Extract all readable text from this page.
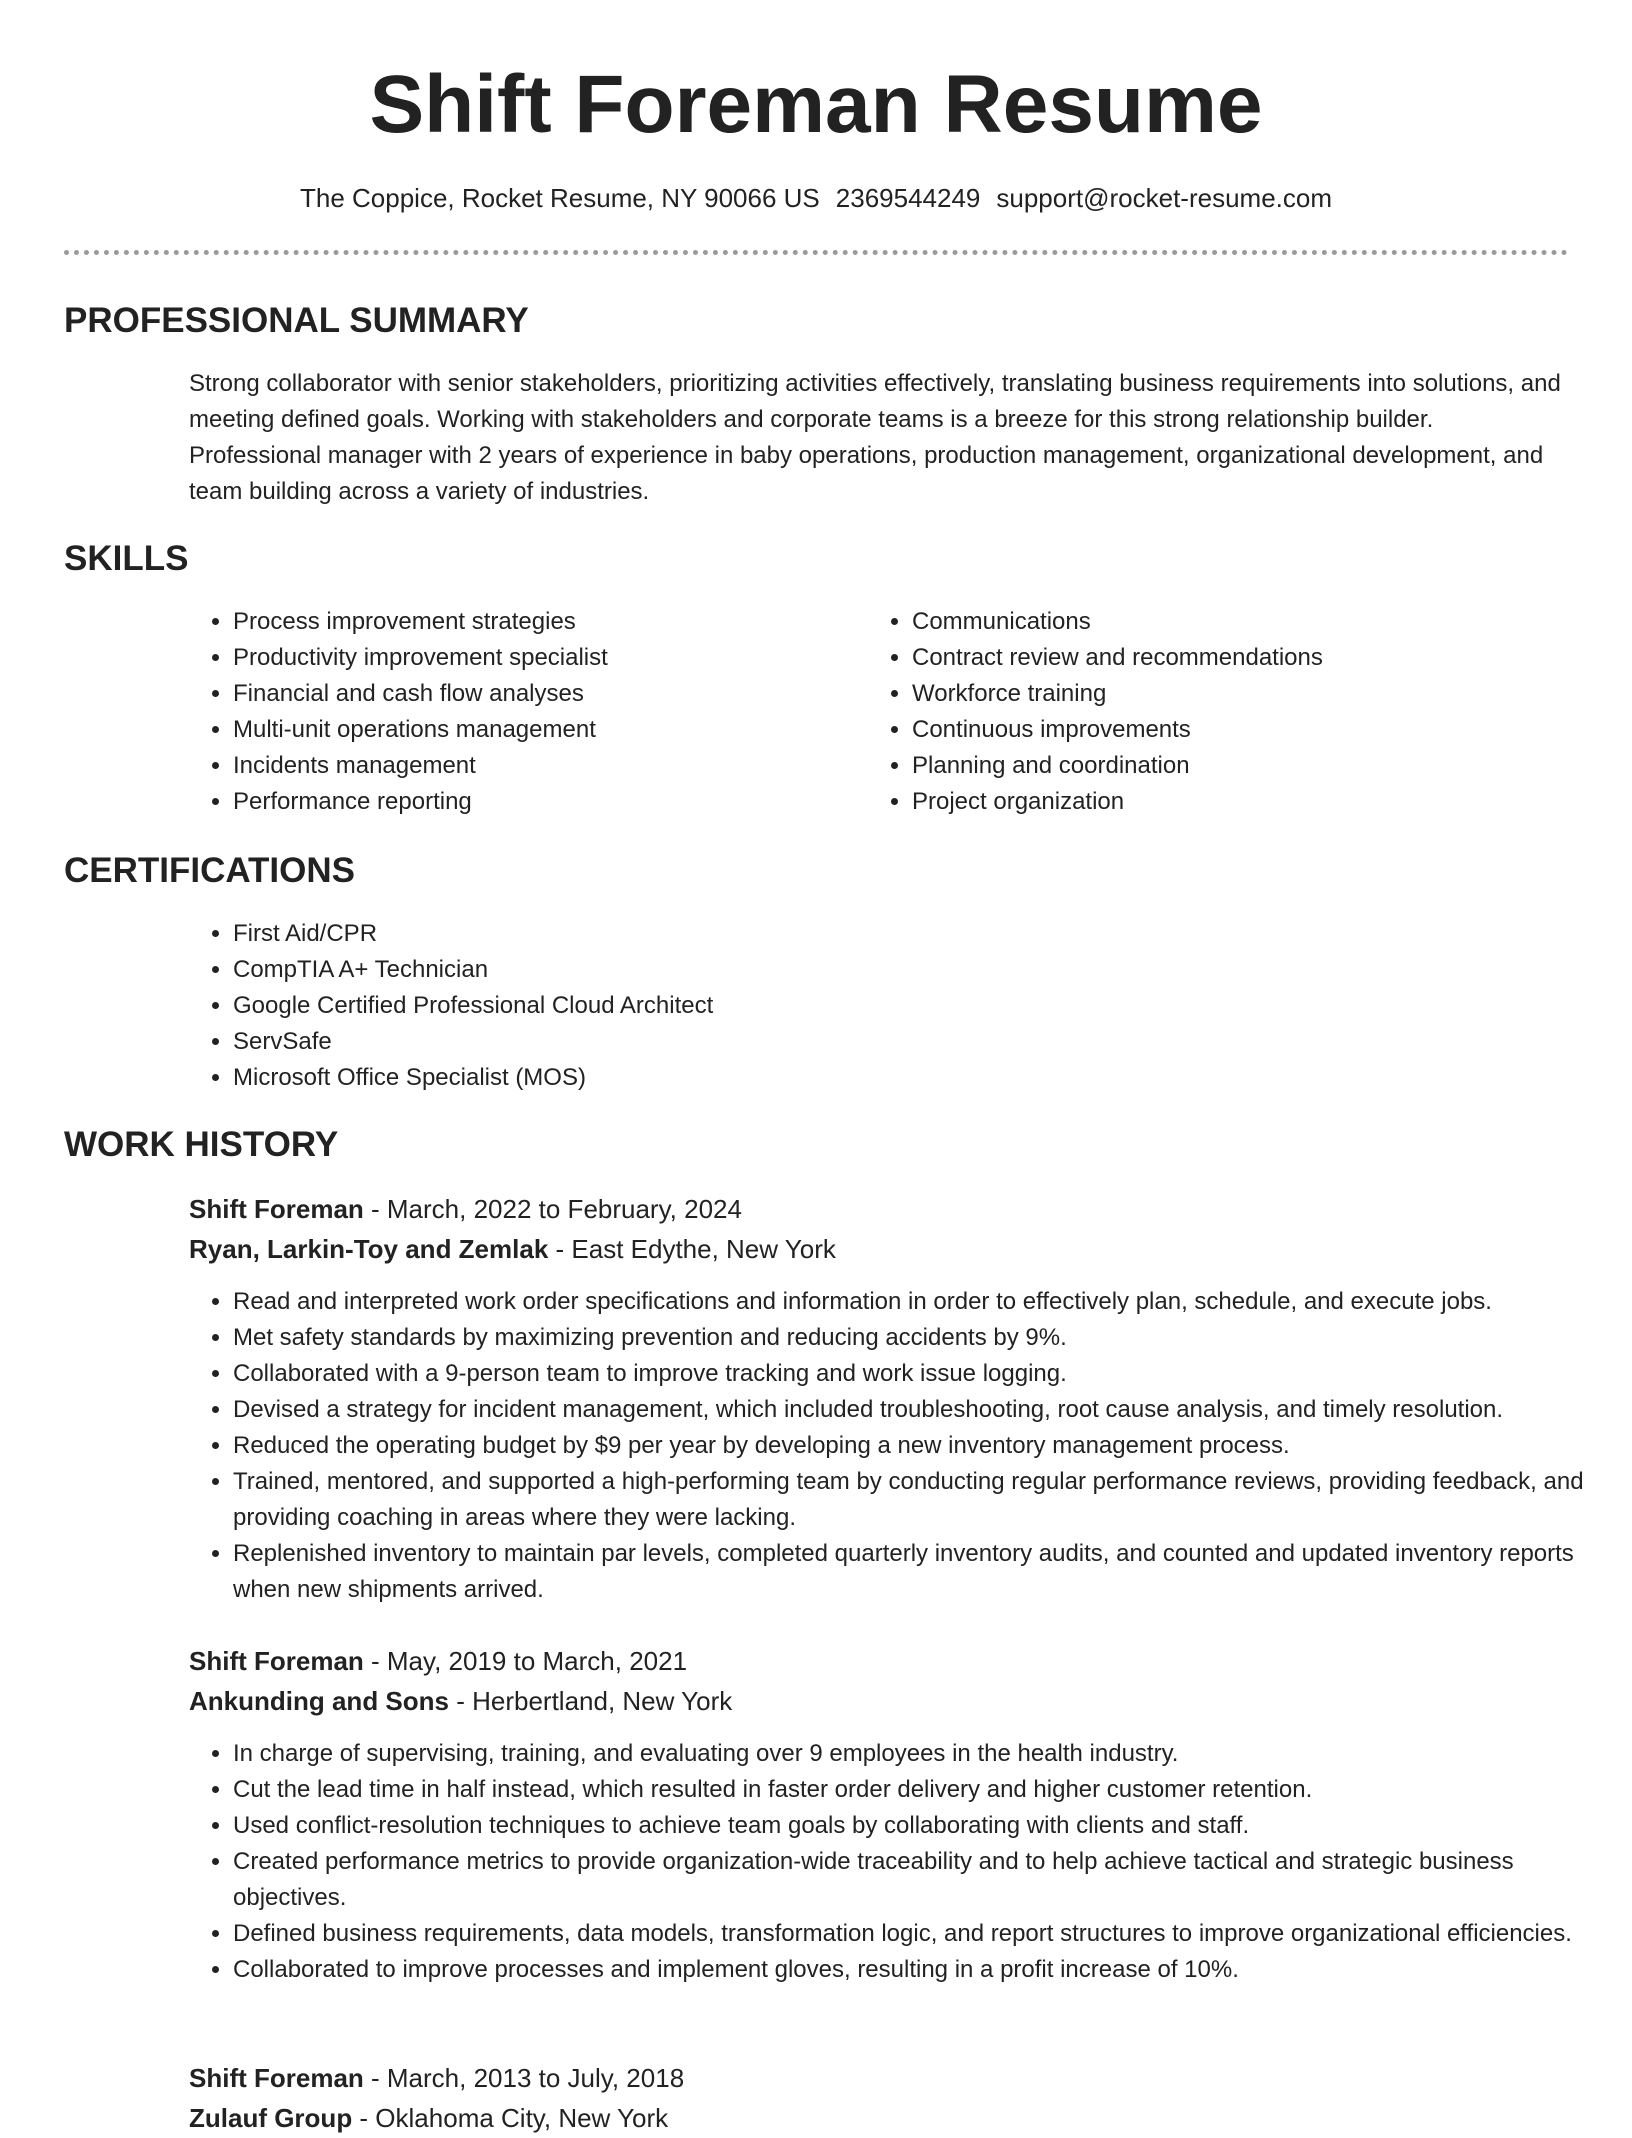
Shift Foreman Resume
The Coppice, Rocket Resume, NY 90066 US 2369544249 support@rocket-resume.com
PROFESSIONAL SUMMARY

Strong collaborator with senior stakeholders, prioritizing activities effectively, translating business requirements into solutions, and meeting defined goals. Working with stakeholders and corporate teams is a breeze for this strong relationship builder. Professional manager with 2 years of experience in baby operations, production management, organizational development, and team building across a variety of industries.

SKILLS
• Process improvement strategies
• Productivity improvement specialist
• Financial and cash flow analyses
• Multi-unit operations management
• Incidents management
• Performance reporting
• Communications
• Contract review and recommendations
• Workforce training
• Continuous improvements
• Planning and coordination
• Project organization
CERTIFICATIONS
• First Aid/CPR
• CompTIA A+ Technician
• Google Certified Professional Cloud Architect
• ServSafe
• Microsoft Office Specialist (MOS)
WORK HISTORY

Shift Foreman - March, 2022 to February, 2024

Ryan, Larkin-Toy and Zemlak - East Edythe, New York

• Read and interpreted work order specifications and information in order to effectively plan, schedule, and execute jobs.
• Met safety standards by maximizing prevention and reducing accidents by 9%.
• Collaborated with a 9-person team to improve tracking and work issue logging.
• Devised a strategy for incident management, which included troubleshooting, root cause analysis, and timely resolution.
• Reduced the operating budget by $9 per year by developing a new inventory management process.
• Trained, mentored, and supported a high-performing team by conducting regular performance reviews, providing feedback, and providing coaching in areas where they were lacking.
• Replenished inventory to maintain par levels, completed quarterly inventory audits, and counted and updated inventory reports when new shipments arrived.

Shift Foreman - May, 2019 to March, 2021

Ankunding and Sons - Herbertland, New York

• In charge of supervising, training, and evaluating over 9 employees in the health industry.
• Cut the lead time in half instead, which resulted in faster order delivery and higher customer retention.
• Used conflict-resolution techniques to achieve team goals by collaborating with clients and staff.
• Created performance metrics to provide organization-wide traceability and to help achieve tactical and strategic business objectives.
• Defined business requirements, data models, transformation logic, and report structures to improve organizational efficiencies.
• Collaborated to improve processes and implement gloves, resulting in a profit increase of 10%.

Shift Foreman - March, 2013 to July, 2018

Zulauf Group - Oklahoma City, New York
